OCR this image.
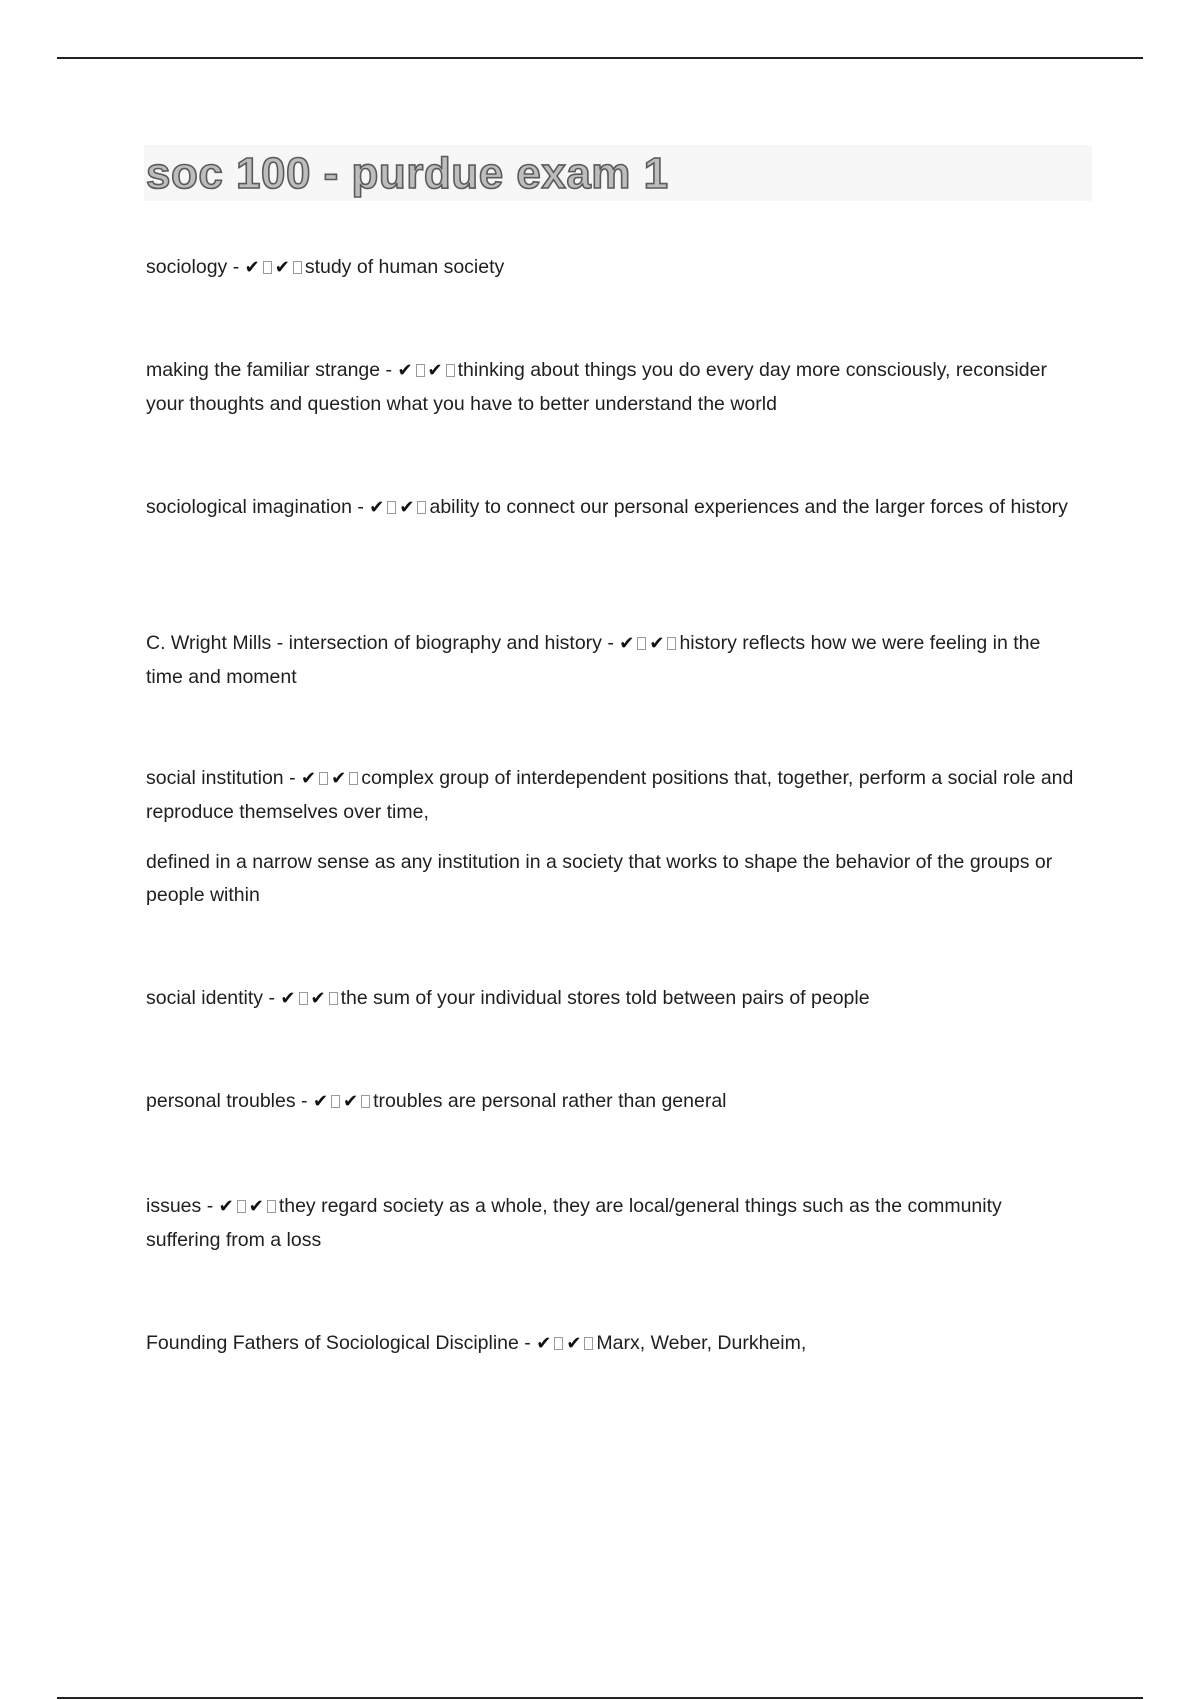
soc 100 - purdue exam 1

sociology - ✔ ✔ study of human society

making the familiar strange - ✔ ✔ thinking about things you do every day more consciously, reconsider your thoughts and question what you have to better understand the world

sociological imagination - ✔ ✔ ability to connect our personal experiences and the larger forces of history

C. Wright Mills - intersection of biography and history - ✔ ✔ history reflects how we were feeling in the time and moment

social institution - ✔ ✔ complex group of interdependent positions that, together, perform a social role and reproduce themselves over time,

defined in a narrow sense as any institution in a society that works to shape the behavior of the groups or people within

social identity - ✔ ✔ the sum of your individual stores told between pairs of people

personal troubles - ✔ ✔ troubles are personal rather than general

issues - ✔ ✔ they regard society as a whole, they are local/general things such as the community suffering from a loss

Founding Fathers of Sociological Discipline - ✔ ✔ Marx, Weber, Durkheim,
